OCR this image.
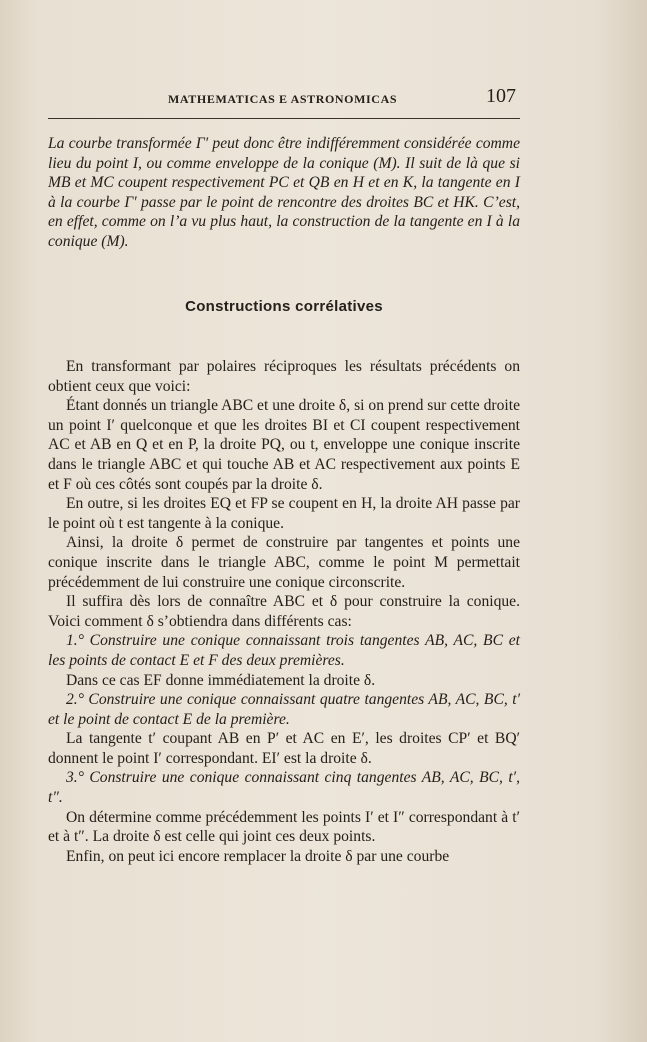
MATHEMATICAS E ASTRONOMICAS	107

La courbe transformée Γ′ peut donc être indifféremment considérée comme lieu du point I, ou comme enveloppe de la conique (M). Il suit de là que si MB et MC coupent respectivement PC et QB en H et en K, la tangente en I à la courbe Γ′ passe par le point de rencontre des droites BC et HK. C’est, en effet, comme on l’a vu plus haut, la construction de la tangente en I à la conique (M).

Constructions corrélatives

En transformant par polaires réciproques les résultats précédents on obtient ceux que voici:

Étant donnés un triangle ABC et une droite δ, si on prend sur cette droite un point I′ quelconque et que les droites BI et CI coupent respectivement AC et AB en Q et en P, la droite PQ, ou t, enveloppe une conique inscrite dans le triangle ABC et qui touche AB et AC respectivement aux points E et F où ces côtés sont coupés par la droite δ.

En outre, si les droites EQ et FP se coupent en H, la droite AH passe par le point où t est tangente à la conique.

Ainsi, la droite δ permet de construire par tangentes et points une conique inscrite dans le triangle ABC, comme le point M permettait précédemment de lui construire une conique circonscrite.

Il suffira dès lors de connaître ABC et δ pour construire la conique. Voici comment δ s’obtiendra dans différents cas:

1.° Construire une conique connaissant trois tangentes AB, AC, BC et les points de contact E et F des deux premières.

Dans ce cas EF donne immédiatement la droite δ.

2.° Construire une conique connaissant quatre tangentes AB, AC, BC, t′ et le point de contact E de la première.

La tangente t′ coupant AB en P′ et AC en E′, les droites CP′ et BQ′ donnent le point I′ correspondant. EI′ est la droite δ.

3.° Construire une conique connaissant cinq tangentes AB, AC, BC, t′, t″.

On détermine comme précédemment les points I′ et I″ correspondant à t′ et à t″. La droite δ est celle qui joint ces deux points.

Enfin, on peut ici encore remplacer la droite δ par une courbe
